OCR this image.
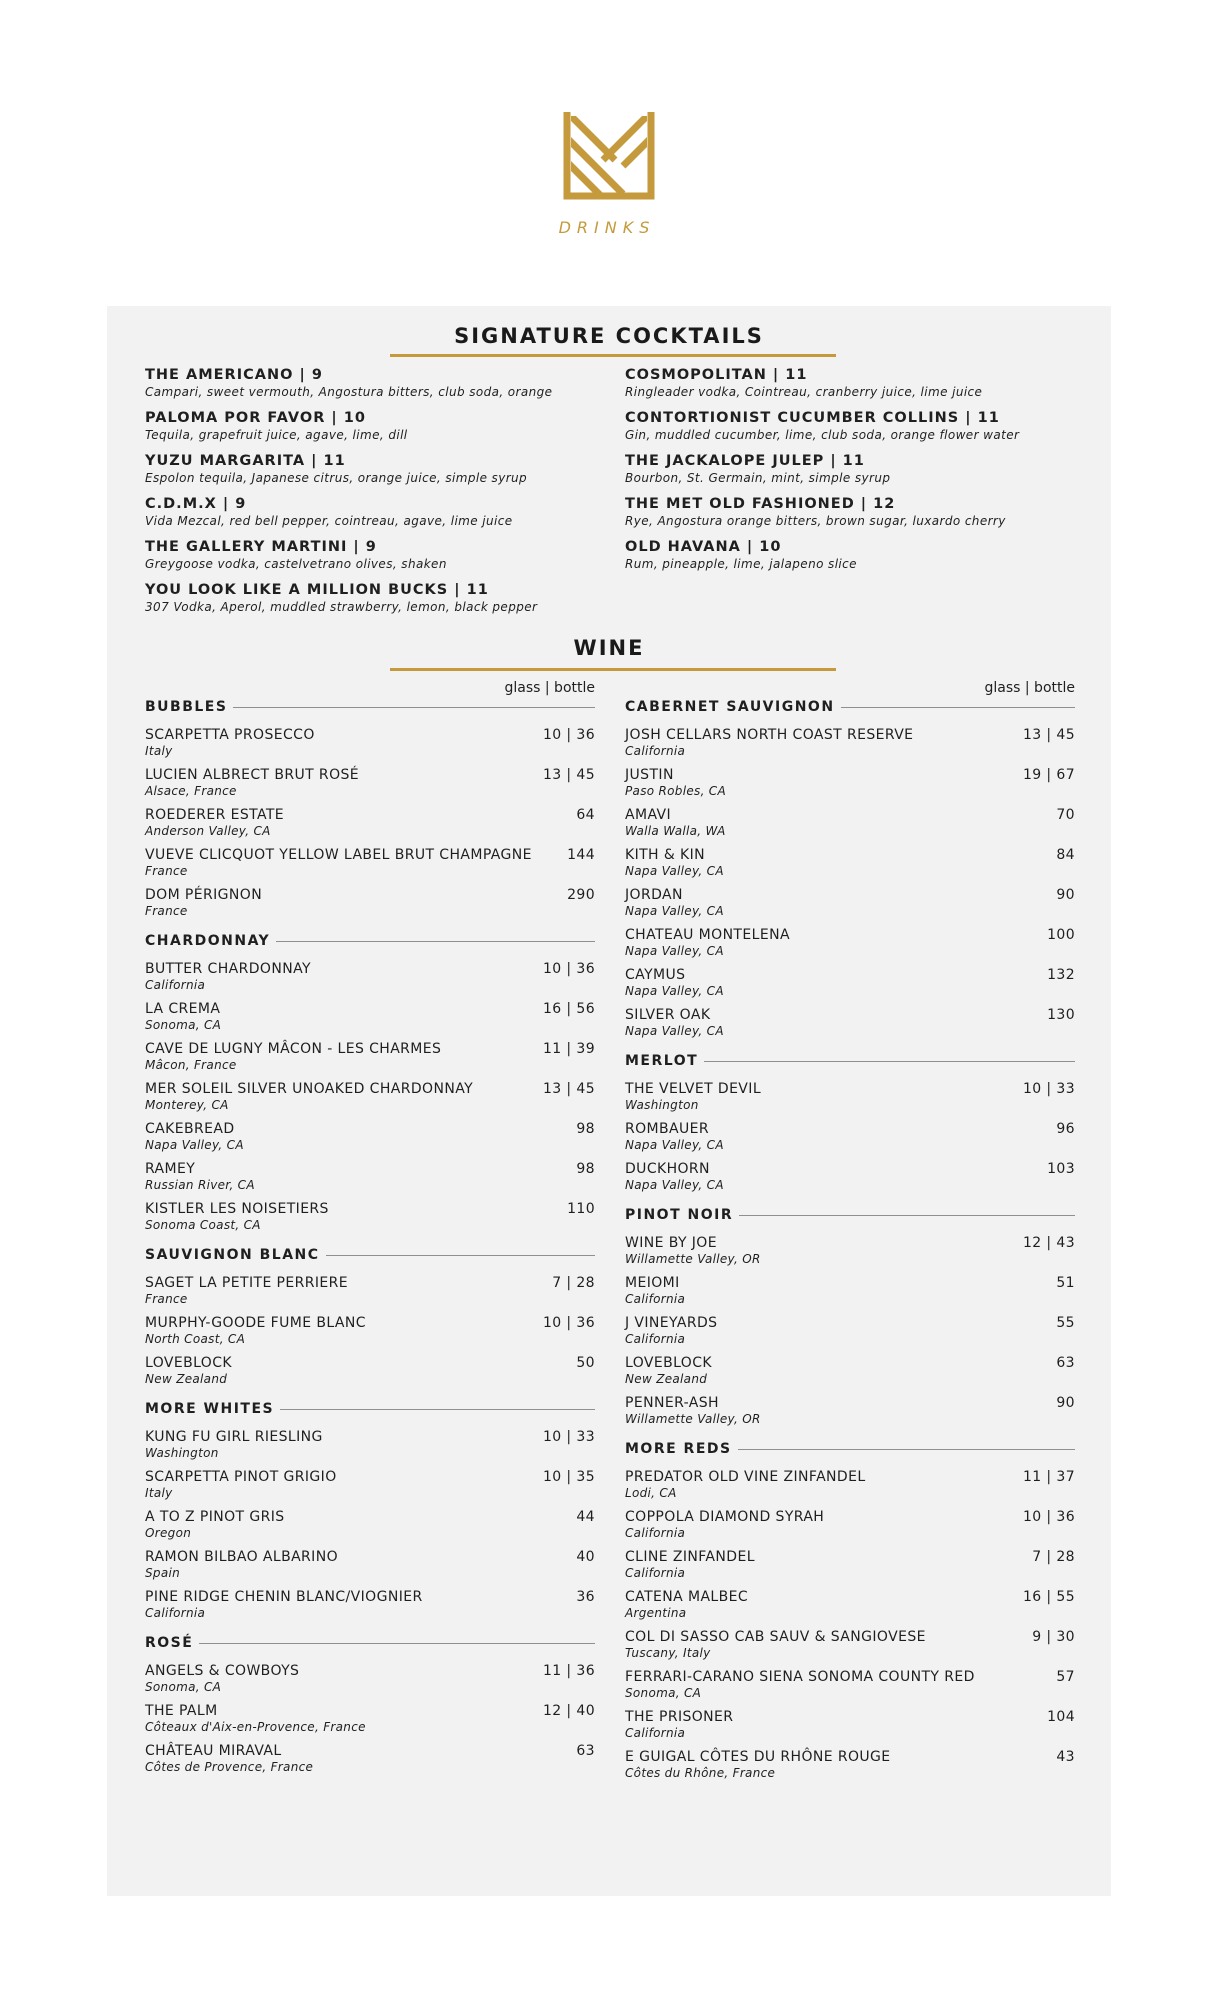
DRINKS
SIGNATURE COCKTAILS
THE AMERICANO | 9
Campari, sweet vermouth, Angostura bitters, club soda, orange
PALOMA POR FAVOR | 10
Tequila, grapefruit juice, agave, lime, dill
YUZU MARGARITA | 11
Espolon tequila, Japanese citrus, orange juice, simple syrup
C.D.M.X | 9
Vida Mezcal, red bell pepper, cointreau, agave, lime juice
THE GALLERY MARTINI | 9
Greygoose vodka, castelvetrano olives, shaken
YOU LOOK LIKE A MILLION BUCKS | 11
307 Vodka, Aperol, muddled strawberry, lemon, black pepper
COSMOPOLITAN | 11
Ringleader vodka, Cointreau, cranberry juice, lime juice
CONTORTIONIST CUCUMBER COLLINS | 11
Gin, muddled cucumber, lime, club soda, orange flower water
THE JACKALOPE JULEP | 11
Bourbon, St. Germain, mint, simple syrup
THE MET OLD FASHIONED | 12
Rye, Angostura orange bitters, brown sugar, luxardo cherry
OLD HAVANA | 10
Rum, pineapple, lime, jalapeno slice
WINE
glass | bottle
BUBBLES
SCARPETTA PROSECCO	10 | 36
Italy
LUCIEN ALBRECT BRUT ROSÉ	13 | 45
Alsace, France
ROEDERER ESTATE	64
Anderson Valley, CA
VUEVE CLICQUOT YELLOW LABEL BRUT CHAMPAGNE	144
France
DOM PÉRIGNON	290
France
CHARDONNAY
BUTTER CHARDONNAY	10 | 36
California
LA CREMA	16 | 56
Sonoma, CA
CAVE DE LUGNY MÂCON - LES CHARMES	11 | 39
Mâcon, France
MER SOLEIL SILVER UNOAKED CHARDONNAY	13 | 45
Monterey, CA
CAKEBREAD	98
Napa Valley, CA
RAMEY	98
Russian River, CA
KISTLER LES NOISETIERS	110
Sonoma Coast, CA
SAUVIGNON BLANC
SAGET LA PETITE PERRIERE	7 | 28
France
MURPHY-GOODE FUME BLANC	10 | 36
North Coast, CA
LOVEBLOCK	50
New Zealand
MORE WHITES
KUNG FU GIRL RIESLING	10 | 33
Washington
SCARPETTA PINOT GRIGIO	10 | 35
Italy
A TO Z PINOT GRIS	44
Oregon
RAMON BILBAO ALBARINO	40
Spain
PINE RIDGE CHENIN BLANC/VIOGNIER	36
California
ROSÉ
ANGELS & COWBOYS	11 | 36
Sonoma, CA
THE PALM	12 | 40
Côteaux d'Aix-en-Provence, France
CHÂTEAU MIRAVAL	63
Côtes de Provence, France
glass | bottle
CABERNET SAUVIGNON
JOSH CELLARS NORTH COAST RESERVE	13 | 45
California
JUSTIN	19 | 67
Paso Robles, CA
AMAVI	70
Walla Walla, WA
KITH & KIN	84
Napa Valley, CA
JORDAN	90
Napa Valley, CA
CHATEAU MONTELENA	100
Napa Valley, CA
CAYMUS	132
Napa Valley, CA
SILVER OAK	130
Napa Valley, CA
MERLOT
THE VELVET DEVIL	10 | 33
Washington
ROMBAUER	96
Napa Valley, CA
DUCKHORN	103
Napa Valley, CA
PINOT NOIR
WINE BY JOE	12 | 43
Willamette Valley, OR
MEIOMI	51
California
J VINEYARDS	55
California
LOVEBLOCK	63
New Zealand
PENNER-ASH	90
Willamette Valley, OR
MORE REDS
PREDATOR OLD VINE ZINFANDEL	11 | 37
Lodi, CA
COPPOLA DIAMOND SYRAH	10 | 36
California
CLINE ZINFANDEL	7 | 28
California
CATENA MALBEC	16 | 55
Argentina
COL DI SASSO CAB SAUV & SANGIOVESE	9 | 30
Tuscany, Italy
FERRARI-CARANO SIENA SONOMA COUNTY RED	57
Sonoma, CA
THE PRISONER	104
California
E GUIGAL CÔTES DU RHÔNE ROUGE	43
Côtes du Rhône, France
